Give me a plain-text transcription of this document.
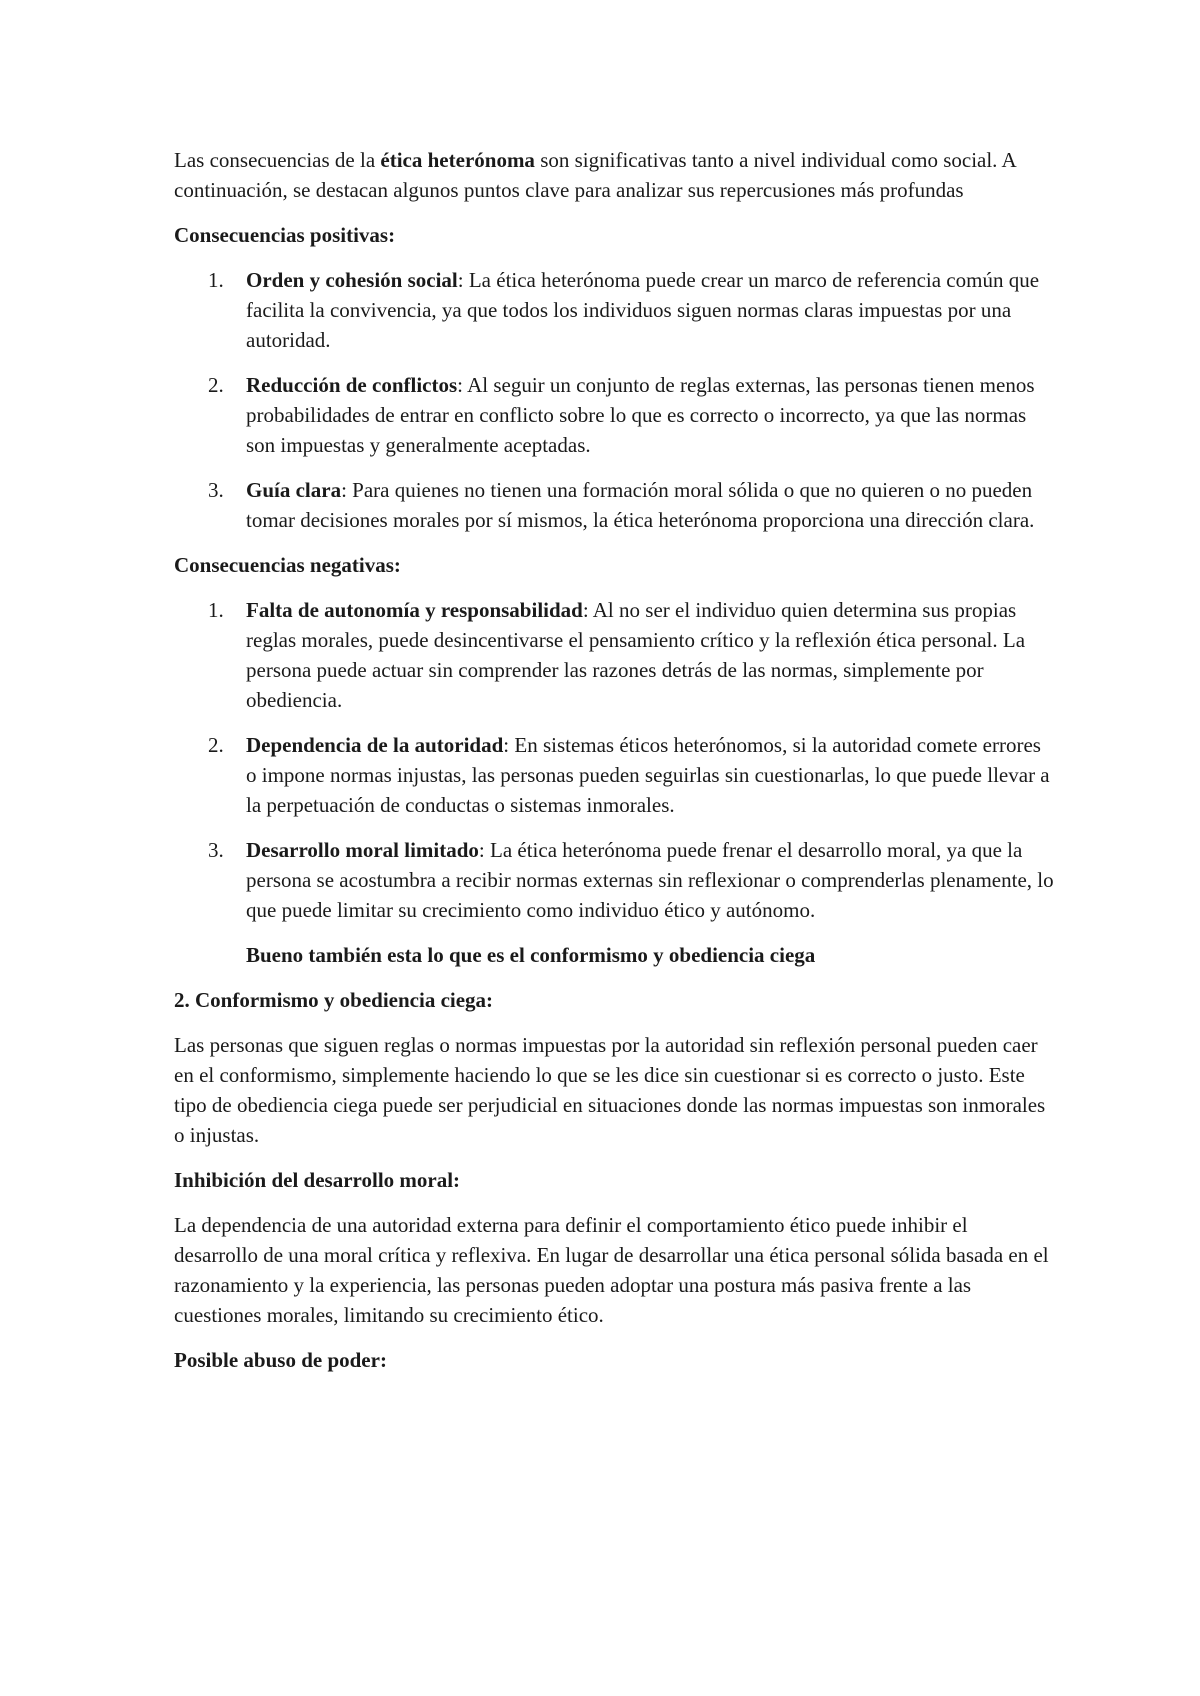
Las consecuencias de la ética heterónoma son significativas tanto a nivel individual como social. A continuación, se destacan algunos puntos clave para analizar sus repercusiones más profundas

Consecuencias positivas:
1. Orden y cohesión social: La ética heterónoma puede crear un marco de referencia común que facilita la convivencia, ya que todos los individuos siguen normas claras impuestas por una autoridad.
2. Reducción de conflictos: Al seguir un conjunto de reglas externas, las personas tienen menos probabilidades de entrar en conflicto sobre lo que es correcto o incorrecto, ya que las normas son impuestas y generalmente aceptadas.
3. Guía clara: Para quienes no tienen una formación moral sólida o que no quieren o no pueden tomar decisiones morales por sí mismos, la ética heterónoma proporciona una dirección clara.
Consecuencias negativas:
1. Falta de autonomía y responsabilidad: Al no ser el individuo quien determina sus propias reglas morales, puede desincentivarse el pensamiento crítico y la reflexión ética personal. La persona puede actuar sin comprender las razones detrás de las normas, simplemente por obediencia.
2. Dependencia de la autoridad: En sistemas éticos heterónomos, si la autoridad comete errores o impone normas injustas, las personas pueden seguirlas sin cuestionarlas, lo que puede llevar a la perpetuación de conductas o sistemas inmorales.
3. Desarrollo moral limitado: La ética heterónoma puede frenar el desarrollo moral, ya que la persona se acostumbra a recibir normas externas sin reflexionar o comprenderlas plenamente, lo que puede limitar su crecimiento como individuo ético y autónomo.
Bueno también esta lo que es el conformismo y obediencia ciega
2. Conformismo y obediencia ciega:

Las personas que siguen reglas o normas impuestas por la autoridad sin reflexión personal pueden caer en el conformismo, simplemente haciendo lo que se les dice sin cuestionar si es correcto o justo. Este tipo de obediencia ciega puede ser perjudicial en situaciones donde las normas impuestas son inmorales o injustas.

Inhibición del desarrollo moral:

La dependencia de una autoridad externa para definir el comportamiento ético puede inhibir el desarrollo de una moral crítica y reflexiva. En lugar de desarrollar una ética personal sólida basada en el razonamiento y la experiencia, las personas pueden adoptar una postura más pasiva frente a las cuestiones morales, limitando su crecimiento ético.

Posible abuso de poder:
